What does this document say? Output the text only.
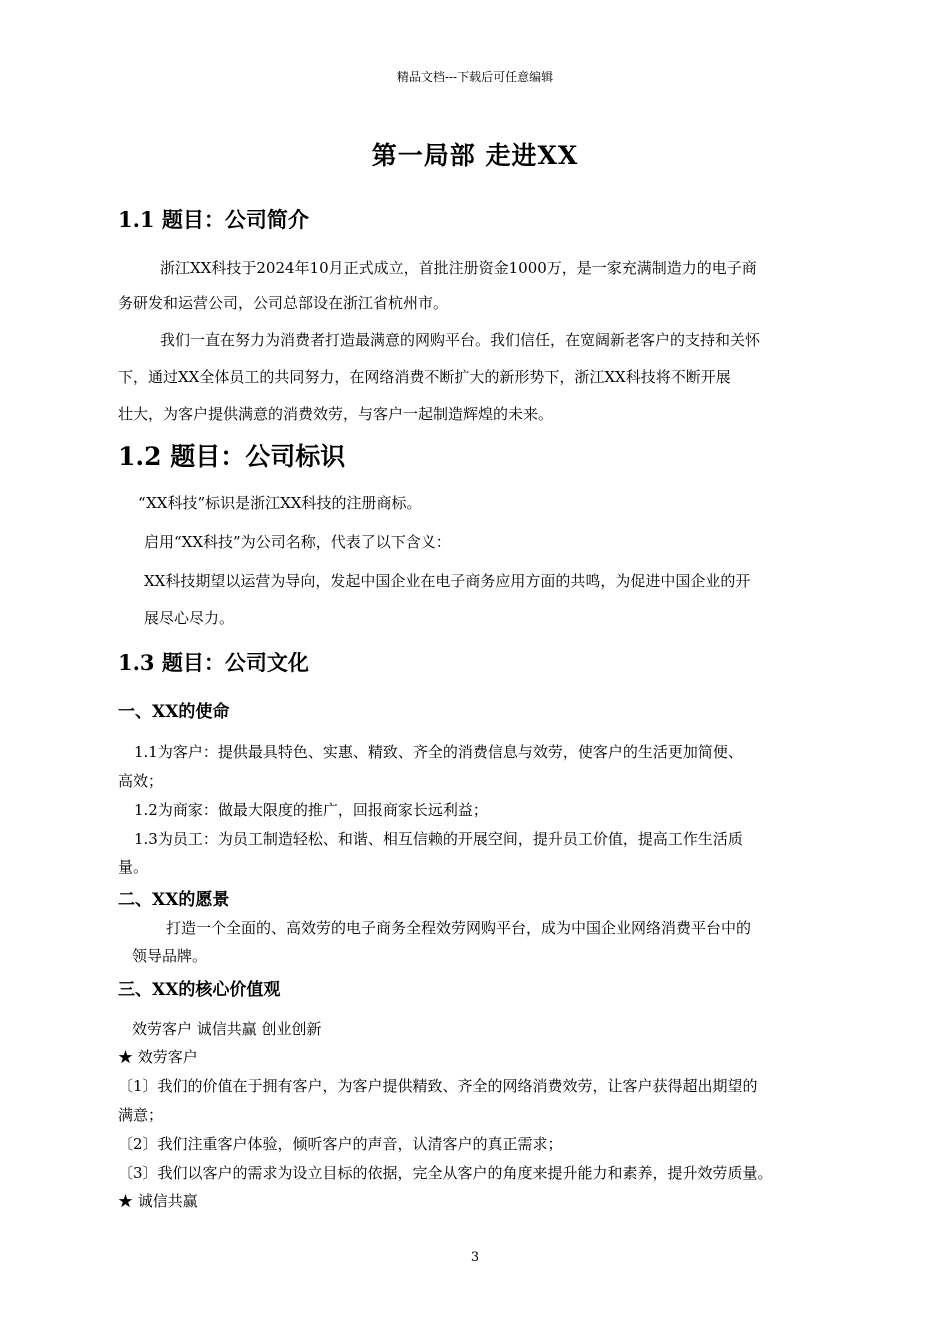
精品文档---下载后可任意编辑

第一局部 走进XX

1.1 题目：公司简介

浙江XX科技于2024年10月正式成立，首批注册资金1000万，是一家充满制造力的电子商

务研发和运营公司，公司总部设在浙江省杭州市。

我们一直在努力为消费者打造最满意的网购平台。我们信任，在宽阔新老客户的支持和关怀

下，通过XX全体员工的共同努力，在网络消费不断扩大的新形势下，浙江XX科技将不断开展

壮大，为客户提供满意的消费效劳，与客户一起制造辉煌的未来。

1.2 题目：公司标识

“XX科技”标识是浙江XX科技的注册商标。

启用“XX科技”为公司名称，代表了以下含义：

XX科技期望以运营为导向，发起中国企业在电子商务应用方面的共鸣，为促进中国企业的开

展尽心尽力。

1.3 题目：公司文化

一、XX的使命

1.1为客户：提供最具特色、实惠、精致、齐全的消费信息与效劳，使客户的生活更加简便、

高效；

1.2为商家：做最大限度的推广，回报商家长远利益；

1.3为员工：为员工制造轻松、和谐、相互信赖的开展空间，提升员工价值，提高工作生活质

量。

二、XX的愿景

打造一个全面的、高效劳的电子商务全程效劳网购平台，成为中国企业网络消费平台中的

领导品牌。

三、XX的核心价值观

效劳客户 诚信共赢 创业创新

★ 效劳客户

〔1〕我们的价值在于拥有客户，为客户提供精致、齐全的网络消费效劳，让客户获得超出期望的

满意；

〔2〕我们注重客户体验，倾听客户的声音，认清客户的真正需求；

〔3〕我们以客户的需求为设立目标的依据，完全从客户的角度来提升能力和素养，提升效劳质量。

★ 诚信共赢

3
